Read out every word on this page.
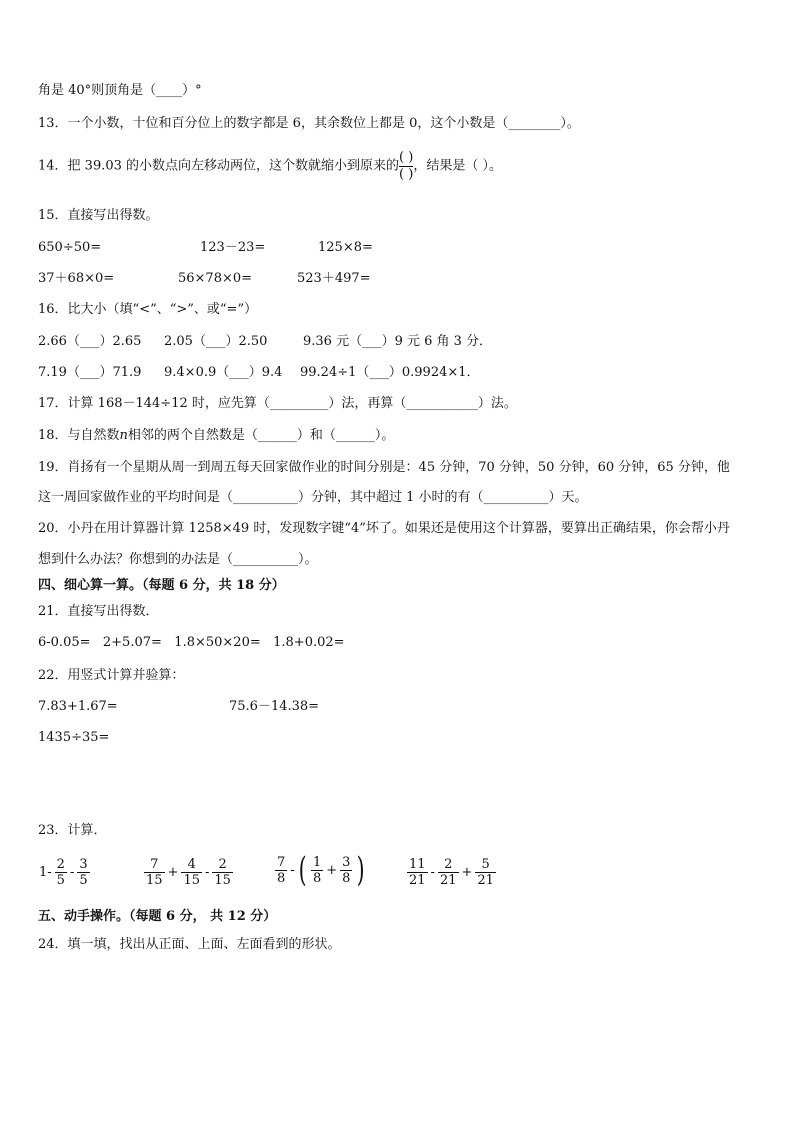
角是 40°则顶角是（____）°
13．一个小数，十位和百分位上的数字都是 6，其余数位上都是 0，这个小数是（________）。
14．把 39.03 的小数点向左移动两位，这个数就缩小到原来的 $\frac{( )}{( )}$，结果是（ ）。
15．直接写出得数。
650÷50=	123－23=	125×8=
37＋68×0=	56×78×0=	523＋497=
16．比大小（填“<”、“>”、或“=”）
2.66（___）2.65 2.05（___）2.50	9.36 元（___）9 元 6 角 3 分．
7.19（___）71.9 9.4×0.9（___）9.4 99.24÷1（___）0.9924×1．
17．计算 168－144÷12 时，应先算（_________）法，再算（___________）法。
18．与自然数n相邻的两个自然数是（______）和（______）。
19．肖扬有一个星期从周一到周五每天回家做作业的时间分别是：45 分钟，70 分钟，50 分钟，60 分钟，65 分钟，他
这一周回家做作业的平均时间是（__________）分钟，其中超过 1 小时的有（__________）天。
20．小丹在用计算器计算 1258×49 时，发现数字键“4”坏了。如果还是使用这个计算器，要算出正确结果，你会帮小丹
想到什么办法？你想到的办法是（__________）。
四、细心算一算。（每题 6 分，共 18 分）
21．直接写出得数．
6-0.05=   2+5.07=   1.8×50×20=   1.8+0.02=
22．用竖式计算并验算：
7.83+1.67=	75.6－14.38=
1435÷35=
23．计算．
$1- \frac{2}{5} - \frac{3}{5}$	$\frac{7}{15} + \frac{4}{15} - \frac{2}{15}$	$\frac{7}{8}$ - ( $\frac{1}{8} + \frac{3}{8}$ )	$\frac{11}{21} - \frac{2}{21} + \frac{5}{21}$
五、动手操作。（每题 6 分， 共 12 分）
24．填一填，找出从正面、上面、左面看到的形状。
